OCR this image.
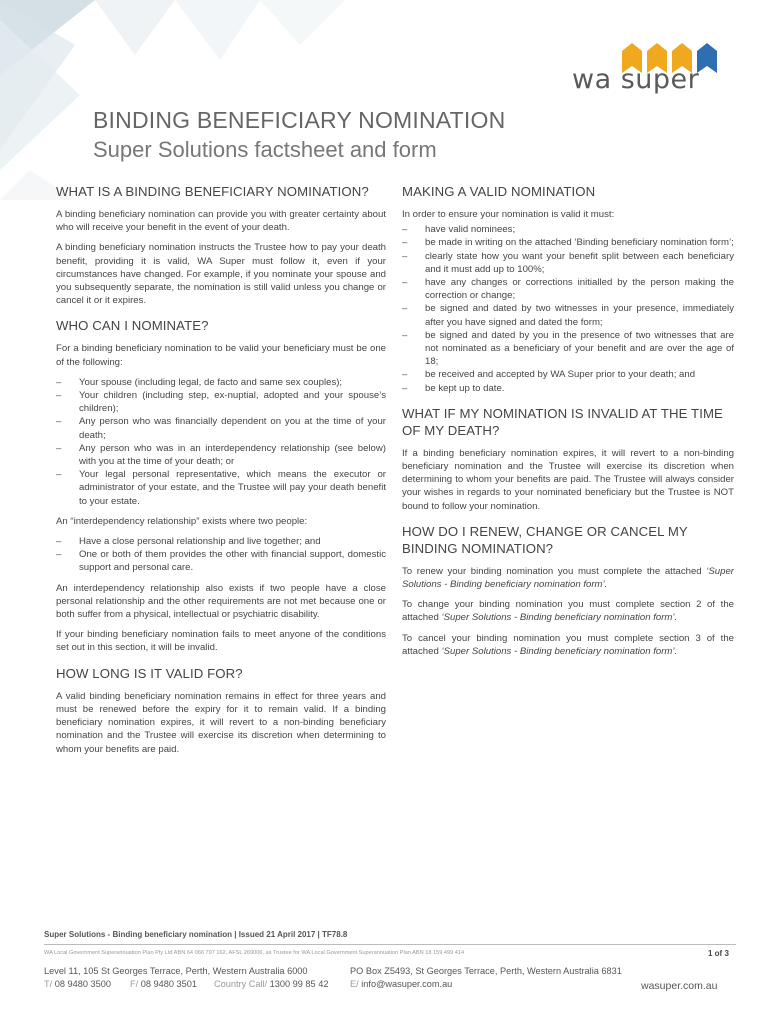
wa super
BINDING BENEFICIARY NOMINATION
Super Solutions factsheet and form
WHAT IS A BINDING BENEFICIARY NOMINATION?

A binding beneficiary nomination can provide you with greater certainty about who will receive your benefit in the event of your death.

A binding beneficiary nomination instructs the Trustee how to pay your death benefit, providing it is valid, WA Super must follow it, even if your circumstances have changed. For example, if you nominate your spouse and you subsequently separate, the nomination is still valid unless you change or cancel it or it expires.

WHO CAN I NOMINATE?

For a binding beneficiary nomination to be valid your beneficiary must be one of the following:

– Your spouse (including legal, de facto and same sex couples);
– Your children (including step, ex-nuptial, adopted and your spouse’s children);
– Any person who was financially dependent on you at the time of your death;
– Any person who was in an interdependency relationship (see below) with you at the time of your death; or
– Your legal personal representative, which means the executor or administrator of your estate, and the Trustee will pay your death benefit to your estate.

An “interdependency relationship” exists where two people:

– Have a close personal relationship and live together; and
– One or both of them provides the other with financial support, domestic support and personal care.

An interdependency relationship also exists if two people have a close personal relationship and the other requirements are not met because one or both suffer from a physical, intellectual or psychiatric disability.

If your binding beneficiary nomination fails to meet anyone of the conditions set out in this section, it will be invalid.

HOW LONG IS IT VALID FOR?

A valid binding beneficiary nomination remains in effect for three years and must be renewed before the expiry for it to remain valid. If a binding beneficiary nomination expires, it will revert to a non-binding beneficiary nomination and the Trustee will exercise its discretion when determining to whom your benefits are paid.

MAKING A VALID NOMINATION

In order to ensure your nomination is valid it must:

– have valid nominees;
– be made in writing on the attached ‘Binding beneficiary nomination form’;
– clearly state how you want your benefit split between each beneficiary and it must add up to 100%;
– have any changes or corrections initialled by the person making the correction or change;
– be signed and dated by two witnesses in your presence, immediately after you have signed and dated the form;
– be signed and dated by you in the presence of two witnesses that are not nominated as a beneficiary of your benefit and are over the age of 18;
– be received and accepted by WA Super prior to your death; and
– be kept up to date.
WHAT IF MY NOMINATION IS INVALID AT THE TIME OF MY DEATH?

If a binding beneficiary nomination expires, it will revert to a non-binding beneficiary nomination and the Trustee will exercise its discretion when determining to whom your benefits are paid. The Trustee will always consider your wishes in regards to your nominated beneficiary but the Trustee is NOT bound to follow your nomination.

HOW DO I RENEW, CHANGE OR CANCEL MY BINDING NOMINATION?

To renew your binding nomination you must complete the attached ‘Super Solutions - Binding beneficiary nomination form’.

To change your binding nomination you must complete section 2 of the attached ‘Super Solutions - Binding beneficiary nomination form’.

To cancel your binding nomination you must complete section 3 of the attached ‘Super Solutions - Binding beneficiary nomination form’.

Super Solutions - Binding beneficiary nomination | Issued 21 April 2017 | TF78.8
WA Local Government Superannuation Plan Pty Ltd ABN 64 066 797 162, AFSL 269006, as Trustee for WA Local Government Superannuation Plan ABN 18 159 499 414	1 of 3
Level 11, 105 St Georges Terrace, Perth, Western Australia 6000	PO Box Z5493, St Georges Terrace, Perth, Western Australia 6831
T/ 08 9480 3500 F/ 08 9480 3501 Country Call/ 1300 99 85 42 E/ info@wasuper.com.au	wasuper.com.au
